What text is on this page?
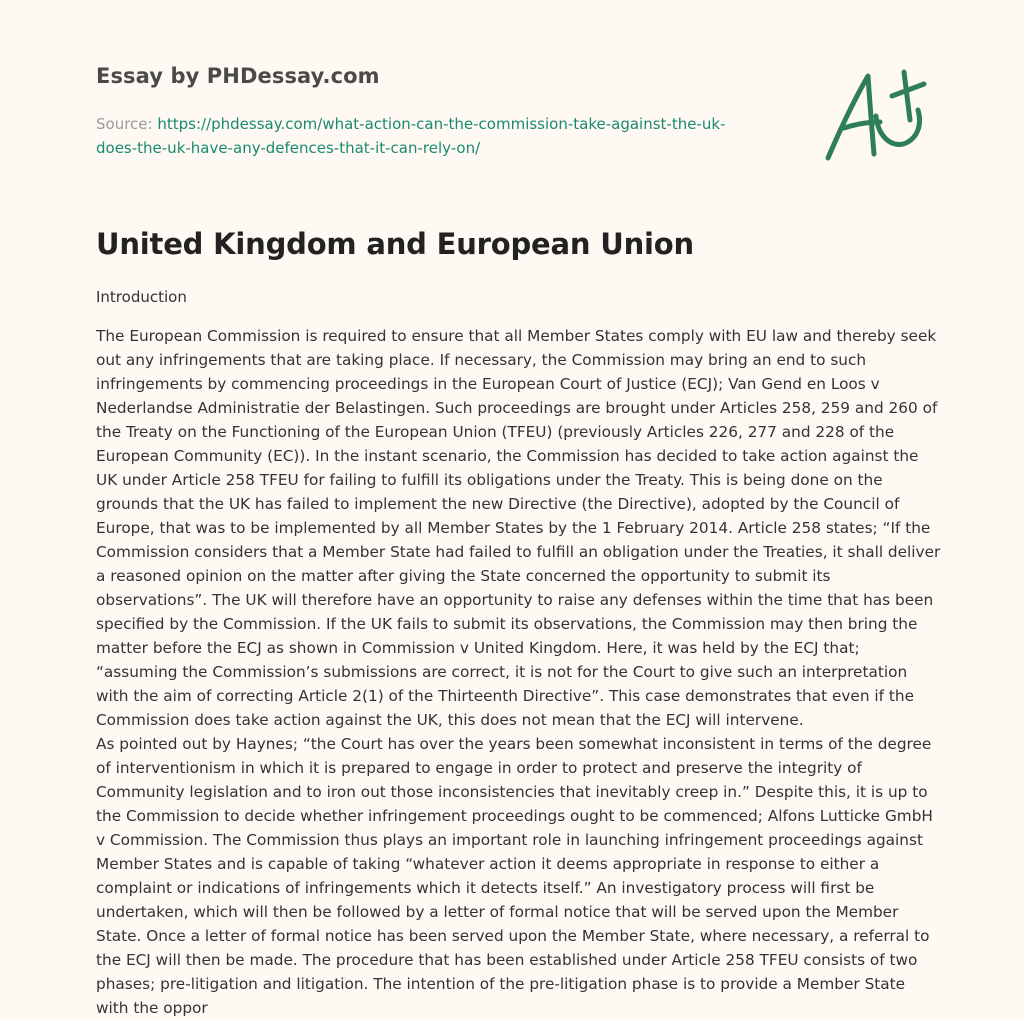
Essay by PHDessay.com
Source: https://phdessay.com/what-action-can-the-commission-take-against-the-uk-
does-the-uk-have-any-defences-that-it-can-rely-on/
United Kingdom and European Union
Introduction

The European Commission is required to ensure that all Member States comply with EU law and thereby seek out any infringements that are taking place. If necessary, the Commission may bring an end to such infringements by commencing proceedings in the European Court of Justice (ECJ); Van Gend en Loos v Nederlandse Administratie der Belastingen. Such proceedings are brought under Articles 258, 259 and 260 of the Treaty on the Functioning of the European Union (TFEU) (previously Articles 226, 277 and 228 of the European Community (EC)). In the instant scenario, the Commission has decided to take action against the UK under Article 258 TFEU for failing to fulfill its obligations under the Treaty. This is being done on the grounds that the UK has failed to implement the new Directive (the Directive), adopted by the Council of Europe, that was to be implemented by all Member States by the 1 February 2014. Article 258 states; “If the Commission considers that a Member State had failed to fulfill an obligation under the Treaties, it shall deliver a reasoned opinion on the matter after giving the State concerned the opportunity to submit its observations”. The UK will therefore have an opportunity to raise any defenses within the time that has been specified by the Commission. If the UK fails to submit its observations, the Commission may then bring the matter before the ECJ as shown in Commission v United Kingdom. Here, it was held by the ECJ that; “assuming the Commission’s submissions are correct, it is not for the Court to give such an interpretation with the aim of correcting Article 2(1) of the Thirteenth Directive”. This case demonstrates that even if the Commission does take action against the UK, this does not mean that the ECJ will intervene.

As pointed out by Haynes; “the Court has over the years been somewhat inconsistent in terms of the degree of interventionism in which it is prepared to engage in order to protect and preserve the integrity of Community legislation and to iron out those inconsistencies that inevitably creep in.” Despite this, it is up to the Commission to decide whether infringement proceedings ought to be commenced; Alfons Lutticke GmbH v Commission. The Commission thus plays an important role in launching infringement proceedings against Member States and is capable of taking “whatever action it deems appropriate in response to either a complaint or indications of infringements which it detects itself.” An investigatory process will first be undertaken, which will then be followed by a letter of formal notice that will be served upon the Member State. Once a letter of formal notice has been served upon the Member State, where necessary, a referral to the ECJ will then be made. The procedure that has been established under Article 258 TFEU consists of two phases; pre-litigation and litigation. The intention of the pre-litigation phase is to provide a Member State with the oppor
